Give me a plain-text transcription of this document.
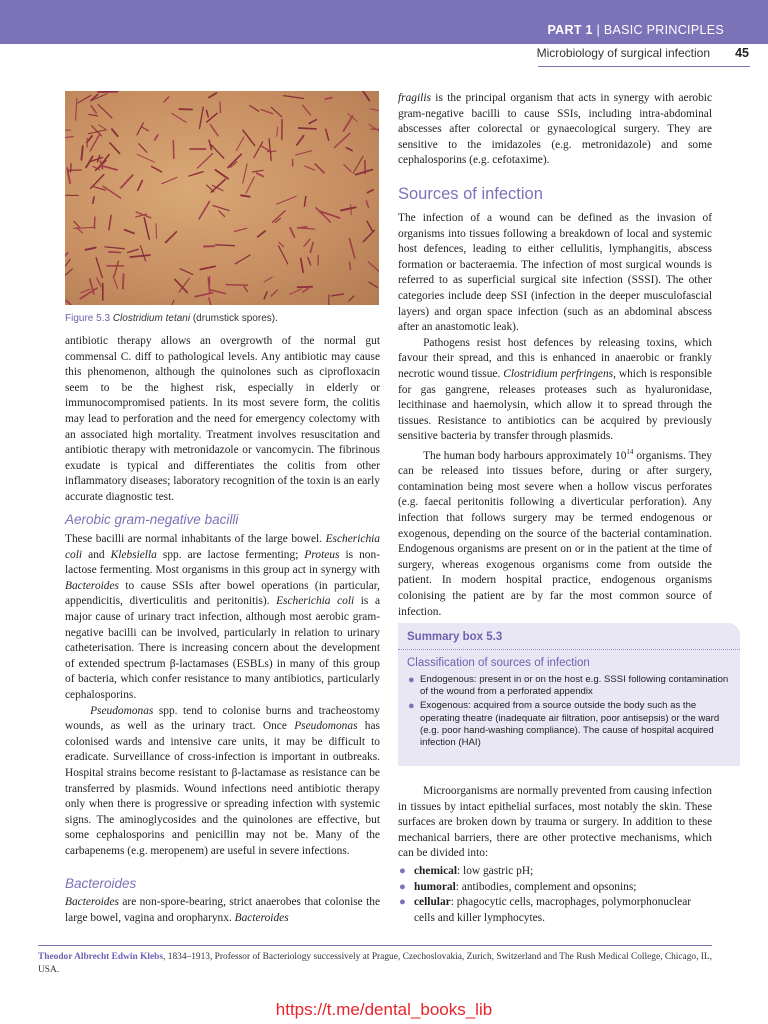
PART 1 | BASIC PRINCIPLES
Microbiology of surgical infection 45
Figure 5.3 Clostridium tetani (drumstick spores).

antibiotic therapy allows an overgrowth of the normal gut commensal C. diff to pathological levels. Any antibiotic may cause this phenomenon, although the quinolones such as ciprofloxacin seem to be the highest risk, especially in elderly or immunocompromised patients. In its most severe form, the colitis may lead to perforation and the need for emergency colectomy with an associated high mortality. Treatment involves resuscitation and antibiotic therapy with metronidazole or vancomycin. The fibrinous exudate is typical and differentiates the colitis from other inflammatory diseases; laboratory recognition of the toxin is an early accurate diagnostic test.

Aerobic gram-negative bacilli

These bacilli are normal inhabitants of the large bowel. Escherichia coli and Klebsiella spp. are lactose fermenting; Proteus is non-lactose fermenting. Most organisms in this group act in synergy with Bacteroides to cause SSIs after bowel operations (in particular, appendicitis, diverticulitis and peritonitis). Escherichia coli is a major cause of urinary tract infection, although most aerobic gram-negative bacilli can be involved, particularly in relation to urinary catheterisation. There is increasing concern about the development of extended spectrum β-lactamases (ESBLs) in many of this group of bacteria, which confer resistance to many antibiotics, particularly cephalosporins.

Pseudomonas spp. tend to colonise burns and tracheostomy wounds, as well as the urinary tract. Once Pseudomonas has colonised wards and intensive care units, it may be difficult to eradicate. Surveillance of cross-infection is important in outbreaks. Hospital strains become resistant to β-lactamase as resistance can be transferred by plasmids. Wound infections need antibiotic therapy only when there is progressive or spreading infection with systemic signs. The aminoglycosides and the quinolones are effective, but some cephalosporins and penicillin may not be. Many of the carbapenems (e.g. meropenem) are useful in severe infections.

Bacteroides

Bacteroides are non-spore-bearing, strict anaerobes that colonise the large bowel, vagina and oropharynx. Bacteroides

fragilis is the principal organism that acts in synergy with aerobic gram-negative bacilli to cause SSIs, including intra-abdominal abscesses after colorectal or gynaecological surgery. They are sensitive to the imidazoles (e.g. metronidazole) and some cephalosporins (e.g. cefotaxime).

Sources of infection

The infection of a wound can be defined as the invasion of organisms into tissues following a breakdown of local and systemic host defences, leading to either cellulitis, lymphangitis, abscess formation or bacteraemia. The infection of most surgical wounds is referred to as superficial surgical site infection (SSSI). The other categories include deep SSI (infection in the deeper musculofascial layers) and organ space infection (such as an abdominal abscess after an anastomotic leak).

Pathogens resist host defences by releasing toxins, which favour their spread, and this is enhanced in anaerobic or frankly necrotic wound tissue. Clostridium perfringens, which is responsible for gas gangrene, releases proteases such as hyaluronidase, lecithinase and haemolysin, which allow it to spread through the tissues. Resistance to antibiotics can be acquired by previously sensitive bacteria by transfer through plasmids.

The human body harbours approximately $10^{14}$ organisms. They can be released into tissues before, during or after surgery, contamination being most severe when a hollow viscus perforates (e.g. faecal peritonitis following a diverticular perforation). Any infection that follows surgery may be termed endogenous or exogenous, depending on the source of the bacterial contamination. Endogenous organisms are present on or in the patient at the time of surgery, whereas exogenous organisms come from outside the patient. In modern hospital practice, endogenous organisms colonising the patient are by far the most common source of infection.

Summary box 5.3
Classification of sources of infection
● Endogenous: present in or on the host e.g. SSSI following contamination of the wound from a perforated appendix
● Exogenous: acquired from a source outside the body such as the operating theatre (inadequate air filtration, poor antisepsis) or the ward (e.g. poor hand-washing compliance). The cause of hospital acquired infection (HAI)

Microorganisms are normally prevented from causing infection in tissues by intact epithelial surfaces, most notably the skin. These surfaces are broken down by trauma or surgery. In addition to these mechanical barriers, there are other protective mechanisms, which can be divided into:

● chemical: low gastric pH;
● humoral: antibodies, complement and opsonins;
● cellular: phagocytic cells, macrophages, polymorphonuclear cells and killer lymphocytes.
Theodor Albrecht Edwin Klebs, 1834–1913, Professor of Bacteriology successively at Prague, Czechoslovakia, Zurich, Switzerland and The Rush Medical College, Chicago, IL, USA.
https://t.me/dental_books_lib
